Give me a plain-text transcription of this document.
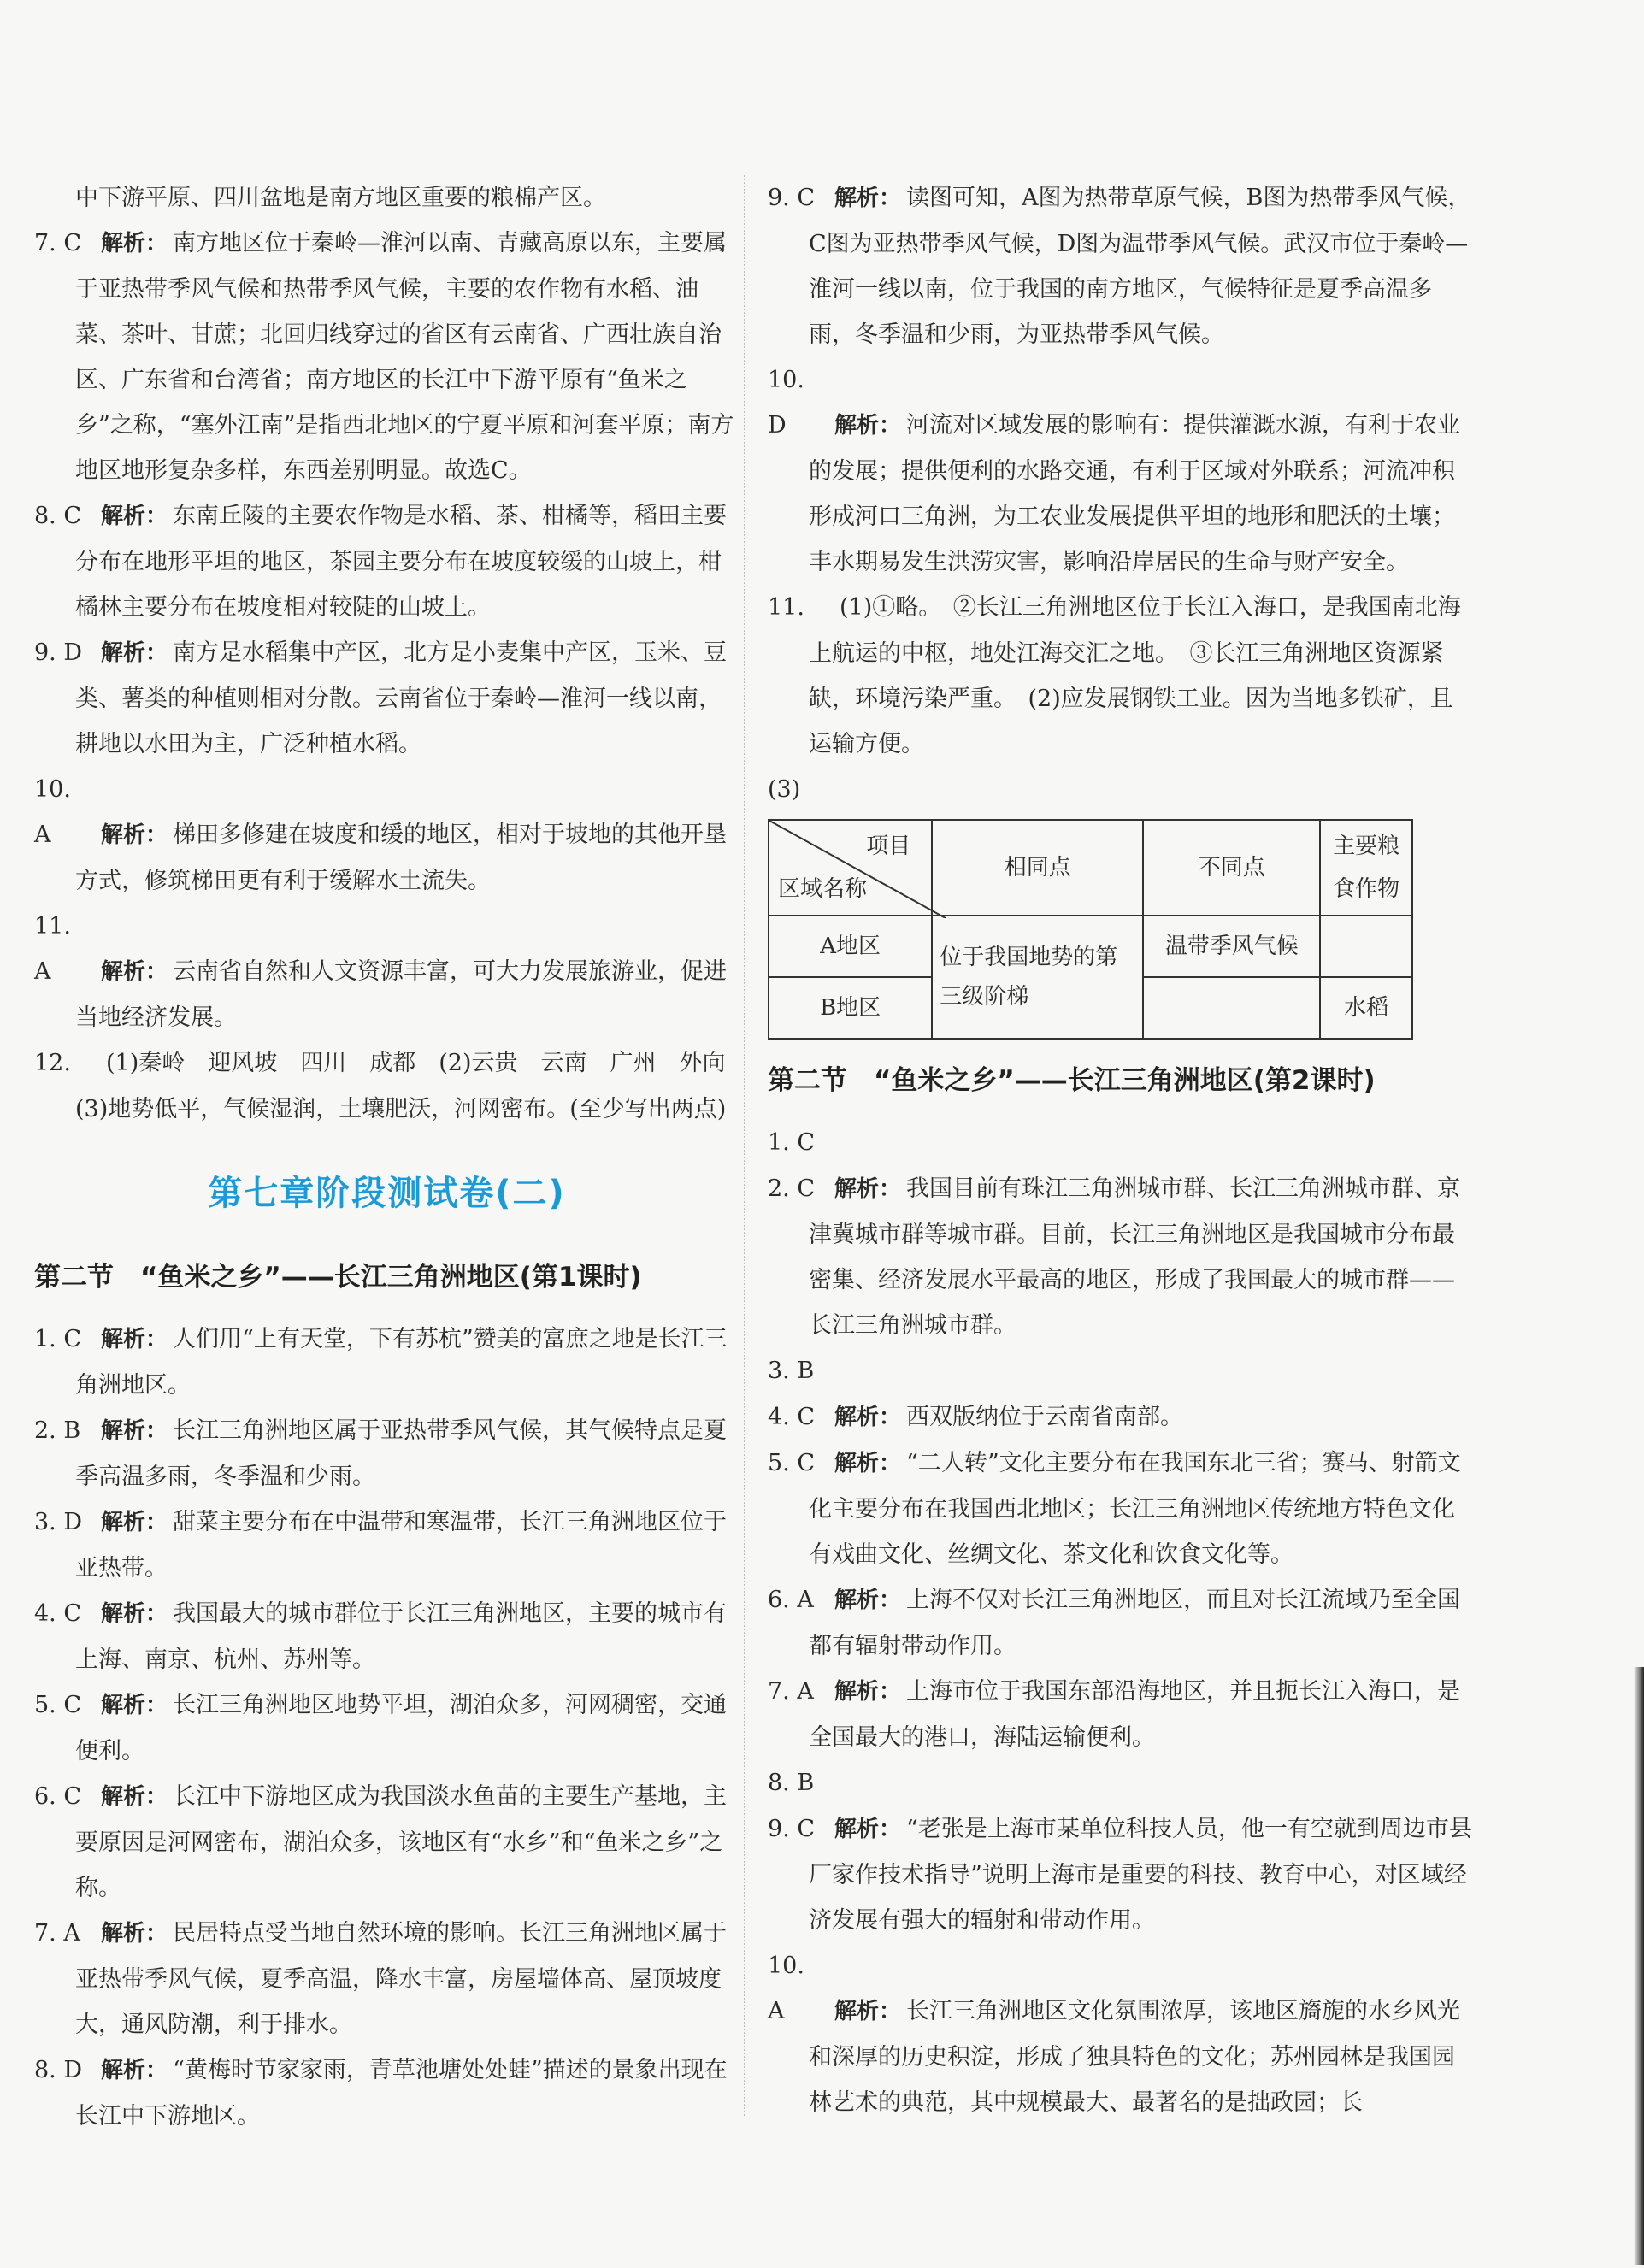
中下游平原、四川盆地是南方地区重要的粮棉产区。

7. C 解析： 南方地区位于秦岭—淮河以南、青藏高原以东，主要属于亚热带季风气候和热带季风气候，主要的农作物有水稻、油菜、茶叶、甘蔗；北回归线穿过的省区有云南省、广西壮族自治区、广东省和台湾省；南方地区的长江中下游平原有“鱼米之乡”之称，“塞外江南”是指西北地区的宁夏平原和河套平原；南方地区地形复杂多样，东西差别明显。故选C。

8. C 解析： 东南丘陵的主要农作物是水稻、茶、柑橘等，稻田主要分布在地形平坦的地区，茶园主要分布在坡度较缓的山坡上，柑橘林主要分布在坡度相对较陡的山坡上。

9. D 解析： 南方是水稻集中产区，北方是小麦集中产区，玉米、豆类、薯类的种植则相对分散。云南省位于秦岭—淮河一线以南，耕地以水田为主，广泛种植水稻。

10. A 解析： 梯田多修建在坡度和缓的地区，相对于坡地的其他开垦方式，修筑梯田更有利于缓解水土流失。

11. A 解析： 云南省自然和人文资源丰富，可大力发展旅游业，促进当地经济发展。

12. (1)秦岭　迎风坡　四川　成都　(2)云贵　云南　广州　外向　(3)地势低平，气候湿润，土壤肥沃，河网密布。(至少写出两点)

第七章阶段测试卷(二)
第二节　“鱼米之乡”——长江三角洲地区(第1课时)

1. C 解析： 人们用“上有天堂，下有苏杭”赞美的富庶之地是长江三角洲地区。

2. B 解析： 长江三角洲地区属于亚热带季风气候，其气候特点是夏季高温多雨，冬季温和少雨。

3. D 解析： 甜菜主要分布在中温带和寒温带，长江三角洲地区位于亚热带。

4. C 解析： 我国最大的城市群位于长江三角洲地区，主要的城市有上海、南京、杭州、苏州等。

5. C 解析： 长江三角洲地区地势平坦，湖泊众多，河网稠密，交通便利。

6. C 解析： 长江中下游地区成为我国淡水鱼苗的主要生产基地，主要原因是河网密布，湖泊众多，该地区有“水乡”和“鱼米之乡”之称。

7. A 解析： 民居特点受当地自然环境的影响。长江三角洲地区属于亚热带季风气候，夏季高温，降水丰富，房屋墙体高、屋顶坡度大，通风防潮，利于排水。

8. D 解析： “黄梅时节家家雨，青草池塘处处蛙”描述的景象出现在长江中下游地区。

9. C 解析： 读图可知，A图为热带草原气候，B图为热带季风气候，C图为亚热带季风气候，D图为温带季风气候。武汉市位于秦岭—淮河一线以南，位于我国的南方地区，气候特征是夏季高温多雨，冬季温和少雨，为亚热带季风气候。

10. D 解析： 河流对区域发展的影响有：提供灌溉水源，有利于农业的发展；提供便利的水路交通，有利于区域对外联系；河流冲积形成河口三角洲，为工农业发展提供平坦的地形和肥沃的土壤；丰水期易发生洪涝灾害，影响沿岸居民的生命与财产安全。

11. (1)①略。　②长江三角洲地区位于长江入海口，是我国南北海上航运的中枢，地处江海交汇之地。　③长江三角洲地区资源紧缺，环境污染严重。　(2)应发展钢铁工业。因为当地多铁矿，且运输方便。

(3)

项目
区域名称	相同点	不同点	主要粮食作物
A地区	位于我国地势的第三级阶梯	温带季风气候	
B地区			水稻
第二节　“鱼米之乡”——长江三角洲地区(第2课时)

1. C

2. C 解析： 我国目前有珠江三角洲城市群、长江三角洲城市群、京津冀城市群等城市群。目前，长江三角洲地区是我国城市分布最密集、经济发展水平最高的地区，形成了我国最大的城市群——长江三角洲城市群。

3. B

4. C 解析： 西双版纳位于云南省南部。

5. C 解析： “二人转”文化主要分布在我国东北三省；赛马、射箭文化主要分布在我国西北地区；长江三角洲地区传统地方特色文化有戏曲文化、丝绸文化、茶文化和饮食文化等。

6. A 解析： 上海不仅对长江三角洲地区，而且对长江流域乃至全国都有辐射带动作用。

7. A 解析： 上海市位于我国东部沿海地区，并且扼长江入海口，是全国最大的港口，海陆运输便利。

8. B

9. C 解析： “老张是上海市某单位科技人员，他一有空就到周边市县厂家作技术指导”说明上海市是重要的科技、教育中心，对区域经济发展有强大的辐射和带动作用。

10. A 解析： 长江三角洲地区文化氛围浓厚，该地区旖旎的水乡风光和深厚的历史积淀，形成了独具特色的文化；苏州园林是我国园林艺术的典范，其中规模最大、最著名的是拙政园；长
